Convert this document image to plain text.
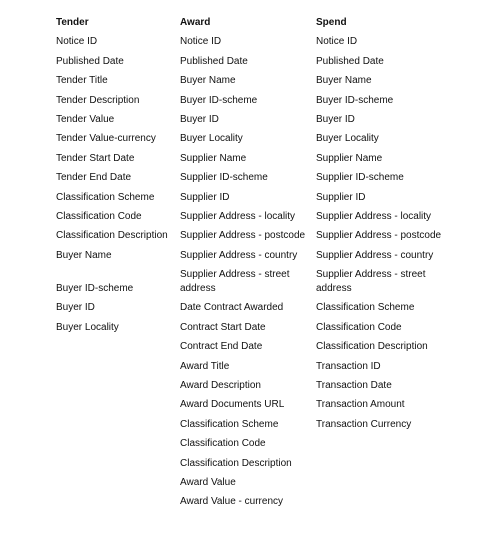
Tender
Notice ID
Published Date
Tender Title
Tender Description
Tender Value
Tender Value-currency
Tender Start Date
Tender End Date
Classification Scheme
Classification Code
Classification Description
Buyer Name
Buyer ID-scheme
Buyer ID
Buyer Locality
Award
Notice ID
Published Date
Buyer Name
Buyer ID-scheme
Buyer ID
Buyer Locality
Supplier Name
Supplier ID-scheme
Supplier ID
Supplier Address - locality
Supplier Address - postcode
Supplier Address - country
Supplier Address - street address
Date Contract Awarded
Contract Start Date
Contract End Date
Award Title
Award Description
Award Documents URL
Classification Scheme
Classification Code
Classification Description
Award Value
Award Value - currency
Spend
Notice ID
Published Date
Buyer Name
Buyer ID-scheme
Buyer ID
Buyer Locality
Supplier Name
Supplier ID-scheme
Supplier ID
Supplier Address - locality
Supplier Address - postcode
Supplier Address - country
Supplier Address - street address
Classification Scheme
Classification Code
Classification Description
Transaction ID
Transaction Date
Transaction Amount
Transaction Currency
